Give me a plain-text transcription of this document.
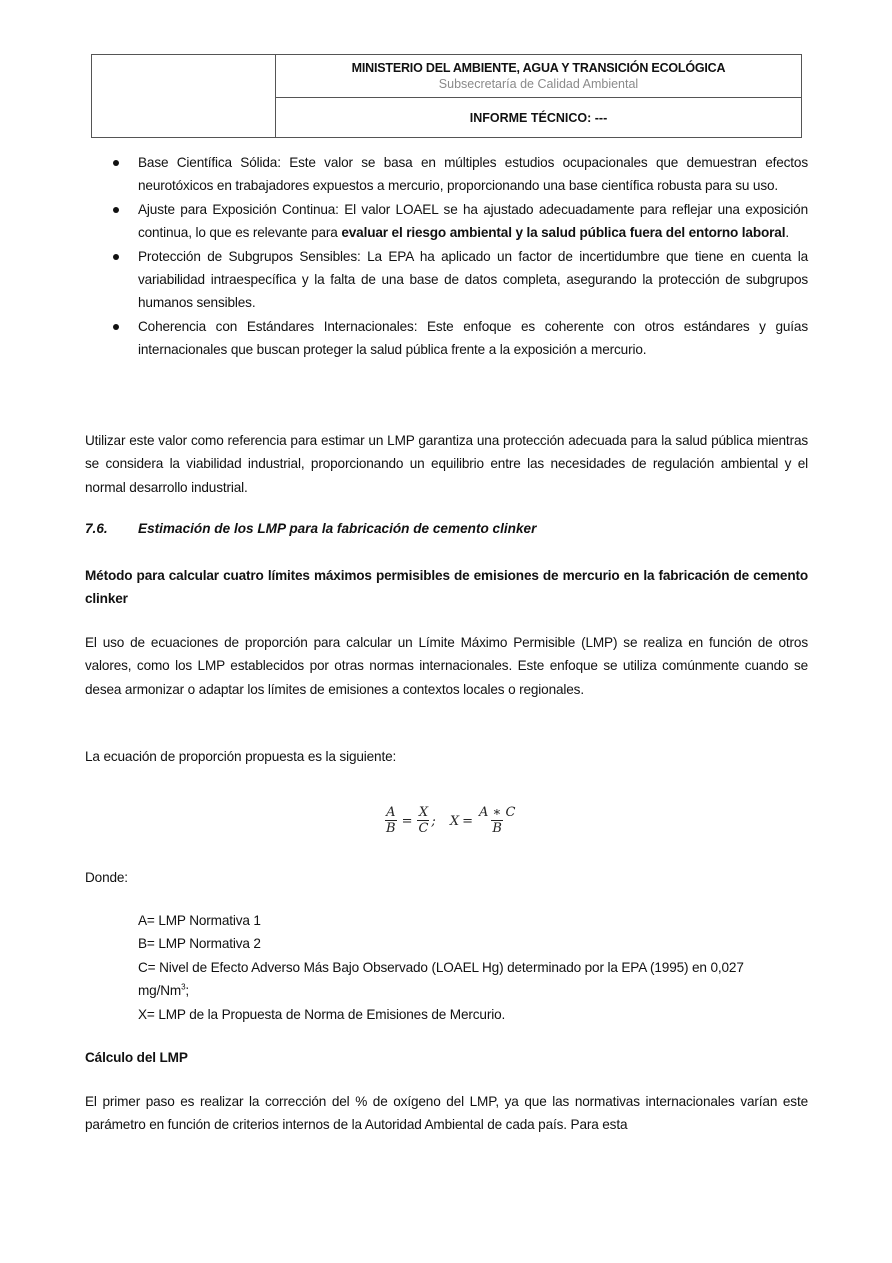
MINISTERIO DEL AMBIENTE, AGUA Y TRANSICIÓN ECOLÓGICA
Subsecretaría de Calidad Ambiental
INFORME TÉCNICO: ---
Base Científica Sólida: Este valor se basa en múltiples estudios ocupacionales que demuestran efectos neurotóxicos en trabajadores expuestos a mercurio, proporcionando una base científica robusta para su uso.
Ajuste para Exposición Continua: El valor LOAEL se ha ajustado adecuadamente para reflejar una exposición continua, lo que es relevante para evaluar el riesgo ambiental y la salud pública fuera del entorno laboral.
Protección de Subgrupos Sensibles: La EPA ha aplicado un factor de incertidumbre que tiene en cuenta la variabilidad intraespecífica y la falta de una base de datos completa, asegurando la protección de subgrupos humanos sensibles.
Coherencia con Estándares Internacionales: Este enfoque es coherente con otros estándares y guías internacionales que buscan proteger la salud pública frente a la exposición a mercurio.
Utilizar este valor como referencia para estimar un LMP garantiza una protección adecuada para la salud pública mientras se considera la viabilidad industrial, proporcionando un equilibrio entre las necesidades de regulación ambiental y el normal desarrollo industrial.
7.6. Estimación de los LMP para la fabricación de cemento clinker
Método para calcular cuatro límites máximos permisibles de emisiones de mercurio en la fabricación de cemento clinker
El uso de ecuaciones de proporción para calcular un Límite Máximo Permisible (LMP) se realiza en función de otros valores, como los LMP establecidos por otras normas internacionales. Este enfoque se utiliza comúnmente cuando se desea armonizar o adaptar los límites de emisiones a contextos locales o regionales.
La ecuación de proporción propuesta es la siguiente:
$\frac{A}{B} = \frac{X}{C}$ ; $X = \frac{A ∗ C}{B}$
Donde:
A= LMP Normativa 1
B= LMP Normativa 2
C= Nivel de Efecto Adverso Más Bajo Observado (LOAEL Hg) determinado por la EPA (1995) en 0,027
mg/Nm$^3$;
X= LMP de la Propuesta de Norma de Emisiones de Mercurio.
Cálculo del LMP
El primer paso es realizar la corrección del % de oxígeno del LMP, ya que las normativas internacionales varían este parámetro en función de criterios internos de la Autoridad Ambiental de cada país. Para esta
